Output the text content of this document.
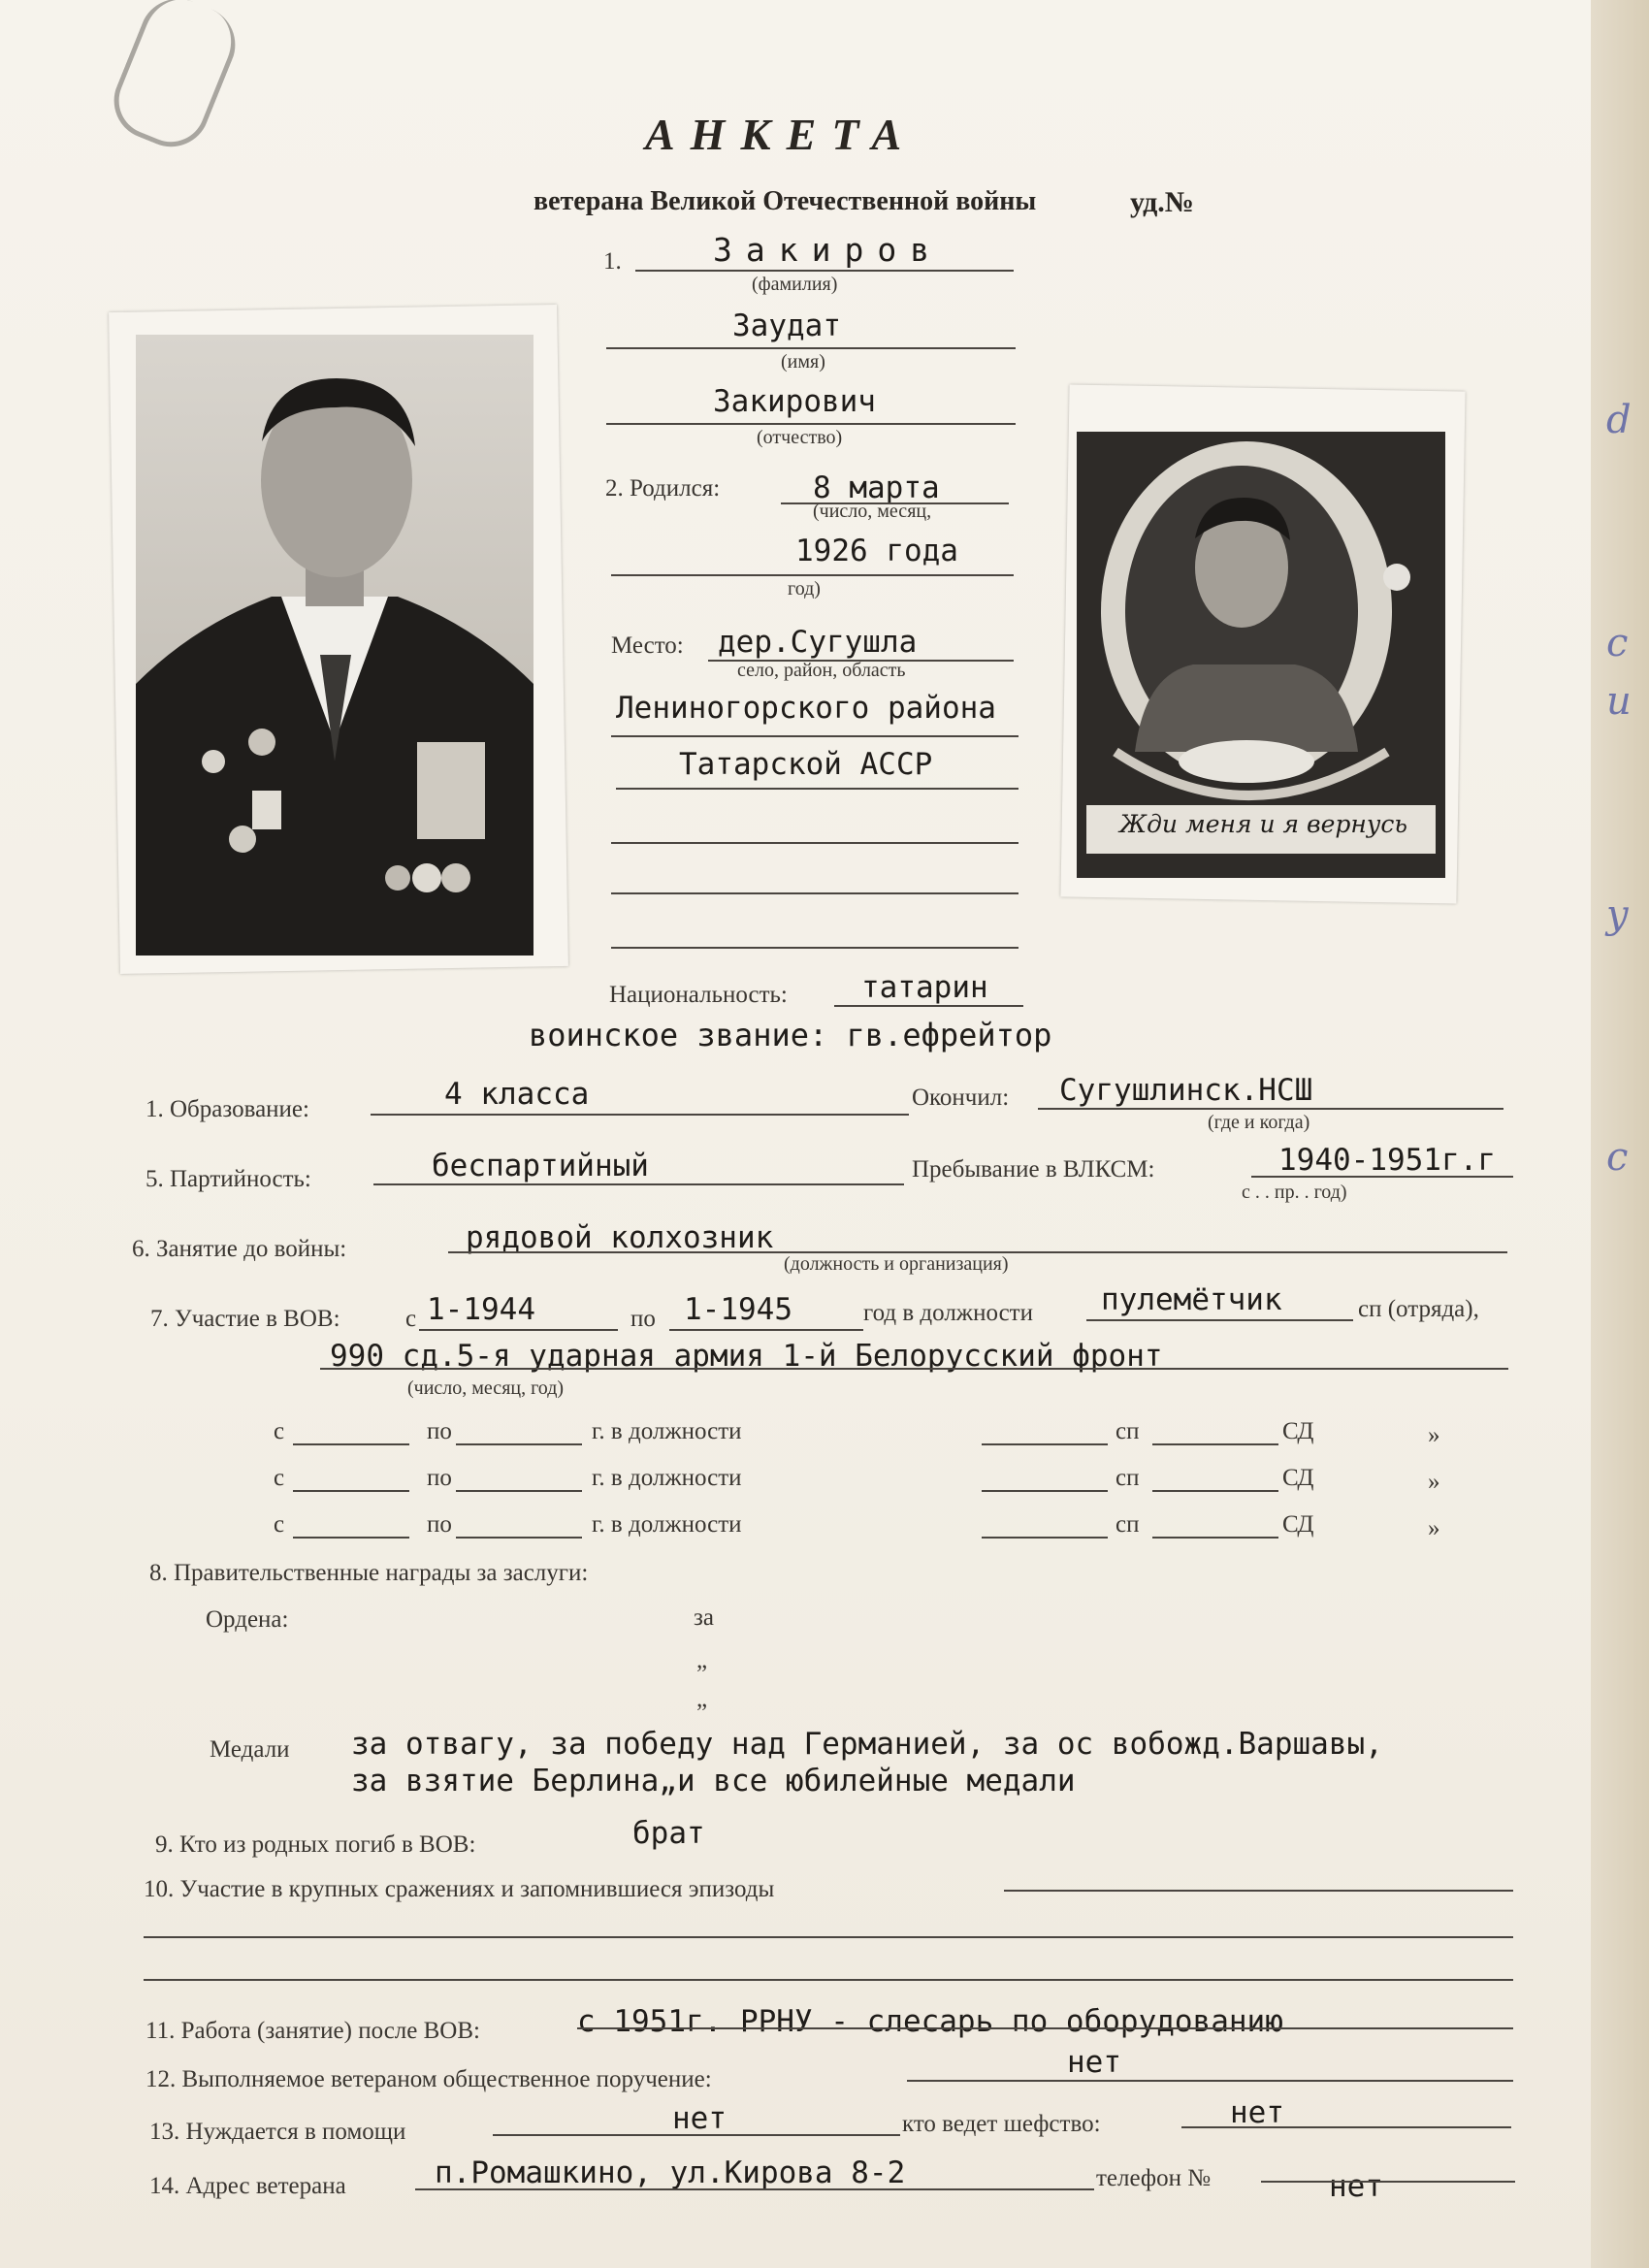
d
с
и
у
с
АНКЕТА
ветерана Великой Отечественной войны	уд.№
Жди меня и я вернусь
1.	Закиров
(фамилия)
Заудат
(имя)
Закирович
(отчество)
2. Родился:	8 марта
(число, месяц,
1926 года
год)
Место: дер.Сугушла
село, район, область
Лениногорского района
Татарской АССР
Национальность: татарин
воинское звание: гв.ефрейтор
1. Образование:	4 класса	Окончил: Сугушлинск.НСШ
(где и когда)
5. Партийность:	беспартийный	Пребывание в ВЛКСМ:	1940-1951г.г
с . . пр. . год)
6. Занятие до войны:	рядовой колхозник
(должность и организация)
7. Участие в ВОВ:	с 1-1944	по 1-1945	год в должности пулемётчик	сп (отряда),
990 сд.5-я ударная армия 1-й Белорусский фронт
(число, месяц, год)
с	по	г. в должности	сп	СД	»
с	по	г. в должности	сп	СД	»
с	по	г. в должности	сп	СД	»
8. Правительственные награды за заслуги:
Ордена:	за
„
„
Медали за отвагу, за победу над Германией, за ос вобожд.Варшавы,
за взятие Берлина„и все юбилейные медали
9. Кто из родных погиб в ВОВ:	брат
10. Участие в крупных сражениях и запомнившиеся эпизоды
11. Работа (занятие) после ВОВ:	с 1951г. РРНУ - слесарь по оборудованию
12. Выполняемое ветераном общественное поручение:	нет
13. Нуждается в помощи	нет	кто ведет шефство:	нет
14. Адрес ветерана	п.Ромашкино, ул.Кирова 8-2	телефон №	нет
